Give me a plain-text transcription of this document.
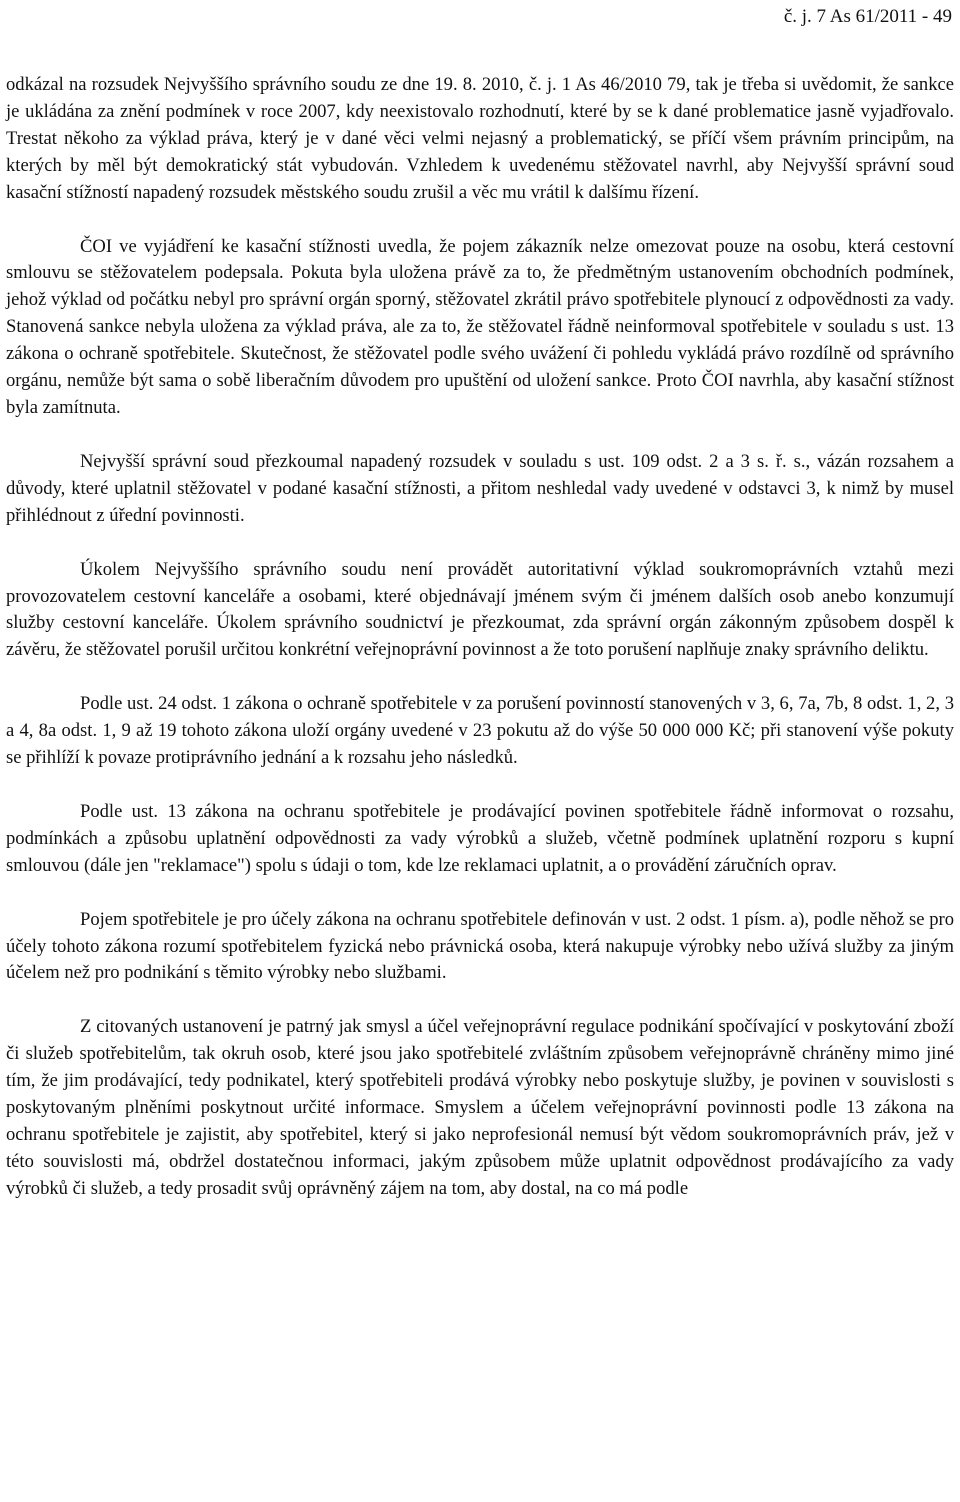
č. j. 7 As 61/2011 - 49

odkázal na rozsudek Nejvyššího správního soudu ze dne 19. 8. 2010, č. j. 1 As 46/2010 79, tak je třeba si uvědomit, že sankce je ukládána za znění podmínek v roce 2007, kdy neexistovalo rozhodnutí, které by se k dané problematice jasně vyjadřovalo. Trestat někoho za výklad práva, který je v dané věci velmi nejasný a problematický, se příčí všem právním principům, na kterých by měl být demokratický stát vybudován. Vzhledem k uvedenému stěžovatel navrhl, aby Nejvyšší správní soud kasační stížností napadený rozsudek městského soudu zrušil a věc mu vrátil k dalšímu řízení.

ČOI ve vyjádření ke kasační stížnosti uvedla, že pojem zákazník nelze omezovat pouze na osobu, která cestovní smlouvu se stěžovatelem podepsala. Pokuta byla uložena právě za to, že předmětným ustanovením obchodních podmínek, jehož výklad od počátku nebyl pro správní orgán sporný, stěžovatel zkrátil právo spotřebitele plynoucí z odpovědnosti za vady. Stanovená sankce nebyla uložena za výklad práva, ale za to, že stěžovatel řádně neinformoval spotřebitele v souladu s ust. 13 zákona o ochraně spotřebitele. Skutečnost, že stěžovatel podle svého uvážení či pohledu vykládá právo rozdílně od správního orgánu, nemůže být sama o sobě liberačním důvodem pro upuštění od uložení sankce. Proto ČOI navrhla, aby kasační stížnost byla zamítnuta.

Nejvyšší správní soud přezkoumal napadený rozsudek v souladu s ust. 109 odst. 2 a 3 s. ř. s., vázán rozsahem a důvody, které uplatnil stěžovatel v podané kasační stížnosti, a přitom neshledal vady uvedené v odstavci 3, k nimž by musel přihlédnout z úřední povinnosti.

Úkolem Nejvyššího správního soudu není provádět autoritativní výklad soukromoprávních vztahů mezi provozovatelem cestovní kanceláře a osobami, které objednávají jménem svým či jménem dalších osob anebo konzumují služby cestovní kanceláře. Úkolem správního soudnictví je přezkoumat, zda správní orgán zákonným způsobem dospěl k závěru, že stěžovatel porušil určitou konkrétní veřejnoprávní povinnost a že toto porušení naplňuje znaky správního deliktu.

Podle ust. 24 odst. 1 zákona o ochraně spotřebitele v za porušení povinností stanovených v 3, 6, 7a, 7b, 8 odst. 1, 2, 3 a 4, 8a odst. 1, 9 až 19 tohoto zákona uloží orgány uvedené v 23 pokutu až do výše 50 000 000 Kč; při stanovení výše pokuty se přihlíží k povaze protiprávního jednání a k rozsahu jeho následků.

Podle ust. 13 zákona na ochranu spotřebitele je prodávající povinen spotřebitele řádně informovat o rozsahu, podmínkách a způsobu uplatnění odpovědnosti za vady výrobků a služeb, včetně podmínek uplatnění rozporu s kupní smlouvou (dále jen "reklamace") spolu s údaji o tom, kde lze reklamaci uplatnit, a o provádění záručních oprav.

Pojem spotřebitele je pro účely zákona na ochranu spotřebitele definován v ust. 2 odst. 1 písm. a), podle něhož se pro účely tohoto zákona rozumí spotřebitelem fyzická nebo právnická osoba, která nakupuje výrobky nebo užívá služby za jiným účelem než pro podnikání s těmito výrobky nebo službami.

Z citovaných ustanovení je patrný jak smysl a účel veřejnoprávní regulace podnikání spočívající v poskytování zboží či služeb spotřebitelům, tak okruh osob, které jsou jako spotřebitelé zvláštním způsobem veřejnoprávně chráněny mimo jiné tím, že jim prodávající, tedy podnikatel, který spotřebiteli prodává výrobky nebo poskytuje služby, je povinen v souvislosti s poskytovaným plněními poskytnout určité informace. Smyslem a účelem veřejnoprávní povinnosti podle 13 zákona na ochranu spotřebitele je zajistit, aby spotřebitel, který si jako neprofesionál nemusí být vědom soukromoprávních práv, jež v této souvislosti má, obdržel dostatečnou informaci, jakým způsobem může uplatnit odpovědnost prodávajícího za vady výrobků či služeb, a tedy prosadit svůj oprávněný zájem na tom, aby dostal, na co má podle
